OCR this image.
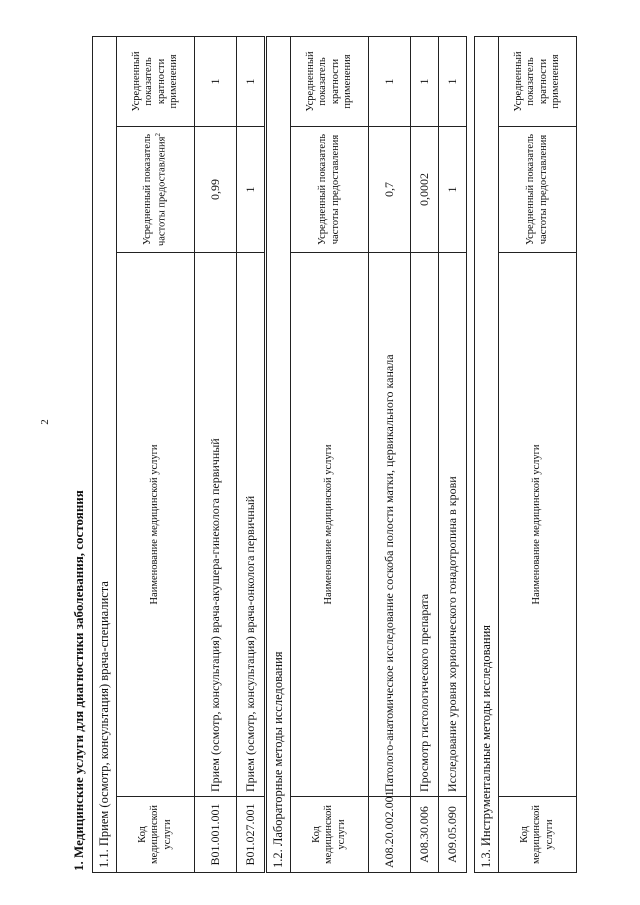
2
1. Медицинские услуги для диагностики заболевания, состояния 1.1. Прием (осмотр, консультация) врача-специалиста			
Код медицинской услуги	Наименование медицинской услуги	Усредненный показатель частоты предоставления$^2$	Усредненный показатель кратности применения
B01.001.001	Прием (осмотр, консультация) врача-акушера-гинеколога первичный	0,99	1
B01.027.001	Прием (осмотр, консультация) врача-онколога первичный	1	1
1.2. Лабораторные методы исследования			
Код медицинской услуги	Наименование медицинской услуги	Усредненный показатель частоты предоставления	Усредненный показатель кратности применения
A08.20.002.001	Патолого-анатомическое исследование соскоба полости матки, цервикального канала	0,7	1
A08.30.006	Просмотр гистологического препарата	0,0002	1
A09.05.090	Исследование уровня хорионического гонадотропина в крови	1	1
1.3. Инструментальные методы исследования
Код медицинской услуги	Наименование медицинской услуги	Усредненный показатель частоты предоставления	Усредненный показатель кратности применения
